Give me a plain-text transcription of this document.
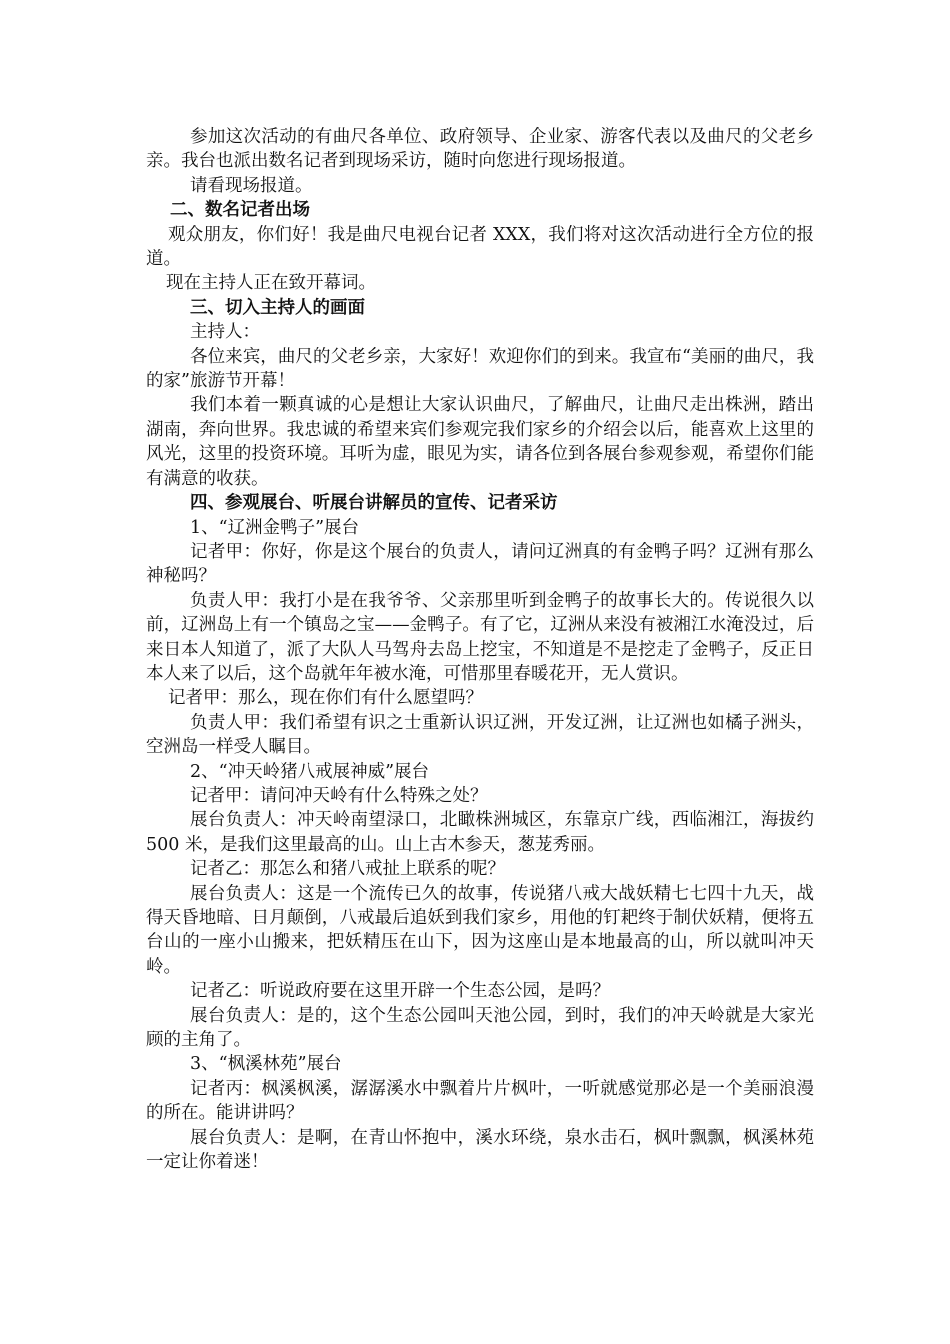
参加这次活动的有曲尺各单位、政府领导、企业家、游客代表以及曲尺的父老乡亲。我台也派出数名记者到现场采访，随时向您进行现场报道。

请看现场报道。

二、数名记者出场

观众朋友，你们好！我是曲尺电视台记者 XXX，我们将对这次活动进行全方位的报道。

现在主持人正在致开幕词。

三、切入主持人的画面

主持人：

各位来宾，曲尺的父老乡亲，大家好！欢迎你们的到来。我宣布“美丽的曲尺，我的家”旅游节开幕！

我们本着一颗真诚的心是想让大家认识曲尺，了解曲尺，让曲尺走出株洲，踏出湖南，奔向世界。我忠诚的希望来宾们参观完我们家乡的介绍会以后，能喜欢上这里的风光，这里的投资环境。耳听为虚，眼见为实，请各位到各展台参观参观，希望你们能有满意的收获。

四、参观展台、听展台讲解员的宣传、记者采访

1、“辽洲金鸭子”展台

记者甲：你好，你是这个展台的负责人，请问辽洲真的有金鸭子吗？辽洲有那么神秘吗？

负责人甲：我打小是在我爷爷、父亲那里听到金鸭子的故事长大的。传说很久以前，辽洲岛上有一个镇岛之宝——金鸭子。有了它，辽洲从来没有被湘江水淹没过，后来日本人知道了，派了大队人马驾舟去岛上挖宝，不知道是不是挖走了金鸭子，反正日本人来了以后，这个岛就年年被水淹，可惜那里春暖花开，无人赏识。

记者甲：那么，现在你们有什么愿望吗？

负责人甲：我们希望有识之士重新认识辽洲，开发辽洲，让辽洲也如橘子洲头，空洲岛一样受人瞩目。

2、“冲天岭猪八戒展神威”展台

记者甲：请问冲天岭有什么特殊之处？

展台负责人：冲天岭南望渌口，北瞰株洲城区，东靠京广线，西临湘江，海拔约 500 米，是我们这里最高的山。山上古木参天，葱茏秀丽。

记者乙：那怎么和猪八戒扯上联系的呢？

展台负责人：这是一个流传已久的故事，传说猪八戒大战妖精七七四十九天，战得天昏地暗、日月颠倒，八戒最后追妖到我们家乡，用他的钉耙终于制伏妖精，便将五台山的一座小山搬来，把妖精压在山下，因为这座山是本地最高的山，所以就叫冲天岭。

记者乙：听说政府要在这里开辟一个生态公园，是吗？

展台负责人：是的，这个生态公园叫天池公园，到时，我们的冲天岭就是大家光顾的主角了。

3、“枫溪林苑”展台

记者丙：枫溪枫溪，潺潺溪水中飘着片片枫叶，一听就感觉那必是一个美丽浪漫的所在。能讲讲吗？

展台负责人：是啊，在青山怀抱中，溪水环绕，泉水击石，枫叶飘飘，枫溪林苑一定让你着迷！
